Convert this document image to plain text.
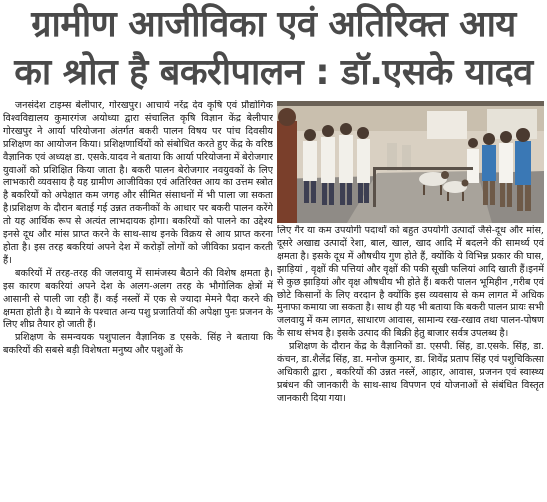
ग्रामीण आजीविका एवं अतिरिक्त आय
का श्रोत है बकरीपालन : डॉ.एसके यादव

जनसंदेश टाइम्स बेलीपार, गोरखपुर। आचार्य नरेंद्र देव कृषि एवं प्रौद्योगिक विश्वविद्यालय कुमारगंज अयोध्या द्वारा संचालित कृषि विज्ञान केंद्र बेलीपार गोरखपुर ने आर्या परियोजना अंतर्गत बकरी पालन विषय पर पांच दिवसीय प्रशिक्षण का आयोजन किया। प्रशिक्षणार्थियों को संबोधित करते हुए केंद्र के वरिष्ठ वैज्ञानिक एवं अध्यक्ष डा. एसके.यादव ने बताया कि आर्या परियोजना में बेरोजगार युवाओं को प्रशिक्षित किया जाता है। बकरी पालन बेरोजगार नवयुवकों के लिए लाभकारी व्यवसाय है यह ग्रामीण आजीविका एवं अतिरिक्त आय का उत्तम स्त्रोत है बकरियों को अपेक्षात कम जगह और सीमित संसाधनों में भी पाला जा सकता है।प्रशिक्षण के दौरान बताई गई उन्नत तकनीकों के आधार पर बकरी पालन करेंगे तो यह आर्थिक रूप से अत्यंत लाभदायक होगा। बकरियों को पालने का उद्देश्य इनसे दूध और मांस प्राप्त करने के साथ-साथ इनके विक्रय से आय प्राप्त करना होता है। इस तरह बकरियां अपने देश में करोड़ों लोगों को जीविका प्रदान करती हैं।

बकरियों में तरह-तरह की जलवायु में सामंजस्य बैठाने की विशेष क्षमता है। इस कारण बकरियां अपने देश के अलग-अलग तरह के भौगोलिक क्षेत्रों में आसानी से पाली जा रही हैं। कई नस्लों में एक से ज्यादा मेमने पैदा करने की क्षमता होती है। ये ब्याने के पश्चात अन्य पशु प्रजातियों की अपेक्षा पुनः प्रजनन के लिए शीघ्र तैयार हो जाती हैं।

प्रशिक्षण के समन्वयक पशुपालन वैज्ञानिक ड एसके. सिंह ने बताया कि बकरियों की सबसे बड़ी विशेषता मनुष्य और पशुओं के

लिए गैर या कम उपयोगी पदार्थों को बहुत उपयोगी उत्पादों जैसे-दूध और मांस, दूसरे अखाद्य उत्पादों रेशा, बाल, खाल, खाद आदि में बदलने की सामर्थ्य एवं क्षमता है। इसके दूध में औषधीय गुण होते हैं, क्योंकि ये विभिन्न प्रकार की घास, झाड़ियां , वृक्षों की पत्तियां और वृक्षों की पकी सूखी फलियां आदि खाती हैं।इनमें से कुछ झाड़ियां और वृक्ष औषधीय भी होते हैं। बकरी पालन भूमिहीन ,गरीब एवं छोटे किसानों के लिए वरदान है क्योंकि इस व्यवसाय से कम लागत में अधिक मुनाफा कमाया जा सकता है। साथ ही यह भी बताया कि बकरी पालन प्रायः सभी जलवायु में कम लागत, साधारण आवास, सामान्य रख-रखाव तथा पालन-पोषण के साथ संभव है। इसके उत्पाद की बिक्री हेतु बाजार सर्वत्र उपलब्ध है।

प्रशिक्षण के दौरान केंद्र के वैज्ञानिकों डा. एसपी. सिंह, डा.एसके. सिंह, डा. कंचन, डा.शैलेंद्र सिंह, डा. मनोज कुमार, डा. शिवेंद्र प्रताप सिंह एवं पशुचिकित्सा अधिकारी द्वारा , बकरियों की उन्नत नस्लें, आहार, आवास, प्रजनन एवं स्वास्थ्य प्रबंधन की जानकारी के साथ-साथ विपणन एवं योजनाओं से संबंधित विस्तृत जानकारी दिया गया।
